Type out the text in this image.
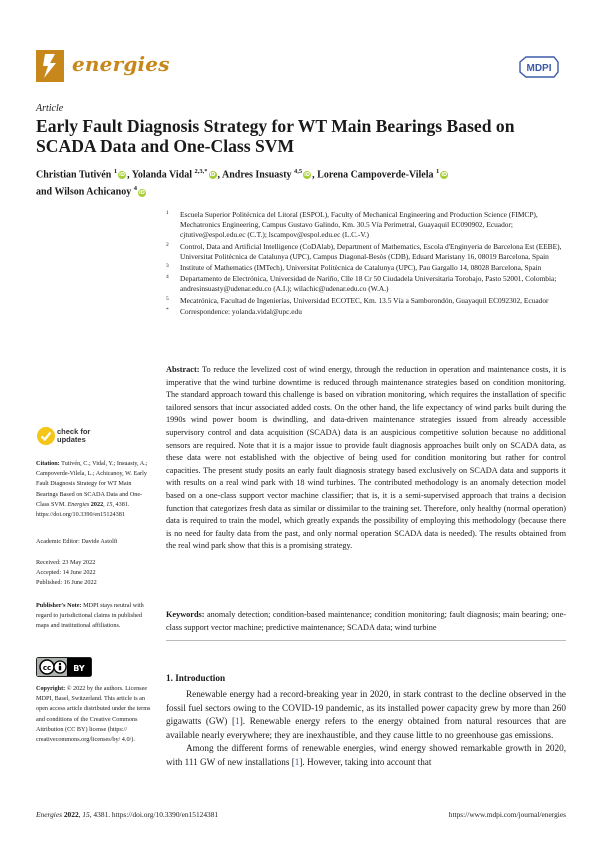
energies	MDPI
Article
Early Fault Diagnosis Strategy for WT Main Bearings Based on SCADA Data and One-Class SVM
Christian Tutivén $^1$iD , Yolanda Vidal $^{2,3,*}$iD , Andres Insuasty $^{4,5}$iD , Lorena Campoverde-Vilela $^1$iD
and Wilson Achicanoy $^4$iD
1 Escuela Superior Politécnica del Litoral (ESPOL), Faculty of Mechanical Engineering and Production Science (FIMCP), Mechatronics Engineering, Campus Gustavo Galindo, Km. 30.5 Vía Perimetral, Guayaquil EC090902, Ecuador; cjtutive@espol.edu.ec (C.T.); lscampov@espol.edu.ec (L.C.-V.)
2 Control, Data and Artificial Intelligence (CoDAlab), Department of Mathematics, Escola d'Enginyeria de Barcelona Est (EEBE), Universitat Politècnica de Catalunya (UPC), Campus Diagonal-Besòs (CDB), Eduard Maristany 16, 08019 Barcelona, Spain
3 Institute of Mathematics (IMTech), Universitat Politècnica de Catalunya (UPC), Pau Gargallo 14, 08028 Barcelona, Spain
4 Departamento de Electrónica, Universidad de Nariño, Clle 18 Cr 50 Ciudadela Universitaria Torobajo, Pasto 52001, Colombia; andresinsuasty@udenar.edu.co (A.I.); wilachic@udenar.edu.co (W.A.)
5 Mecatrónica, Facultad de Ingenierías, Universidad ECOTEC, Km. 13.5 Vía a Samborondón, Guayaquil EC092302, Ecuador
* Correspondence: yolanda.vidal@upc.edu
Abstract: To reduce the levelized cost of wind energy, through the reduction in operation and maintenance costs, it is imperative that the wind turbine downtime is reduced through maintenance strategies based on condition monitoring. The standard approach toward this challenge is based on vibration monitoring, which requires the installation of specific tailored sensors that incur associated added costs. On the other hand, the life expectancy of wind parks built during the 1990s wind power boom is dwindling, and data-driven maintenance strategies issued from already accessible supervisory control and data acquisition (SCADA) data is an auspicious competitive solution because no additional sensors are required. Note that it is a major issue to provide fault diagnosis approaches built only on SCADA data, as these data were not established with the objective of being used for condition monitoring but rather for control capacities. The present study posits an early fault diagnosis strategy based exclusively on SCADA data and supports it with results on a real wind park with 18 wind turbines. The contributed methodology is an anomaly detection model based on a one-class support vector machine classifier; that is, it is a semi-supervised approach that trains a decision function that categorizes fresh data as similar or dissimilar to the training set. Therefore, only healthy (normal operation) data is required to train the model, which greatly expands the possibility of employing this methodology (because there is no need for faulty data from the past, and only normal operation SCADA data is needed). The results obtained from the real wind park show that this is a promising strategy.
Keywords: anomaly detection; condition-based maintenance; condition monitoring; fault diagnosis; main bearing; one-class support vector machine; predictive maintenance; SCADA data; wind turbine
check for
updates

Citation: Tutivén, C.; Vidal, Y.; Insuasty, A.; Campoverde-Vilela, L.; Achicanoy, W. Early Fault Diagnosis Strategy for WT Main Bearings Based on SCADA Data and One-Class SVM. Energies 2022, 15, 4381. https://doi.org/10.3390/en15124381

Academic Editor: Davide Astolfi

Received: 23 May 2022

Accepted: 14 June 2022

Published: 16 June 2022

Publisher's Note: MDPI stays neutral with regard to jurisdictional claims in published maps and institutional affiliations.

cc	BY

Copyright: © 2022 by the authors. Licensee MDPI, Basel, Switzerland. This article is an open access article distributed under the terms and conditions of the Creative Commons Attribution (CC BY) license (https:// creativecommons.org/licenses/by/ 4.0/).

1. Introduction

Renewable energy had a record-breaking year in 2020, in stark contrast to the decline observed in the fossil fuel sectors owing to the COVID-19 pandemic, as its installed power capacity grew by more than 260 gigawatts (GW) [1]. Renewable energy refers to the energy obtained from natural resources that are available nearly everywhere; they are inexhaustible, and they cause little to no greenhouse gas emissions.

Among the different forms of renewable energies, wind energy showed remarkable growth in 2020, with 111 GW of new installations [1]. However, taking into account that

Energies 2022, 15, 4381. https://doi.org/10.3390/en15124381	https://www.mdpi.com/journal/energies
